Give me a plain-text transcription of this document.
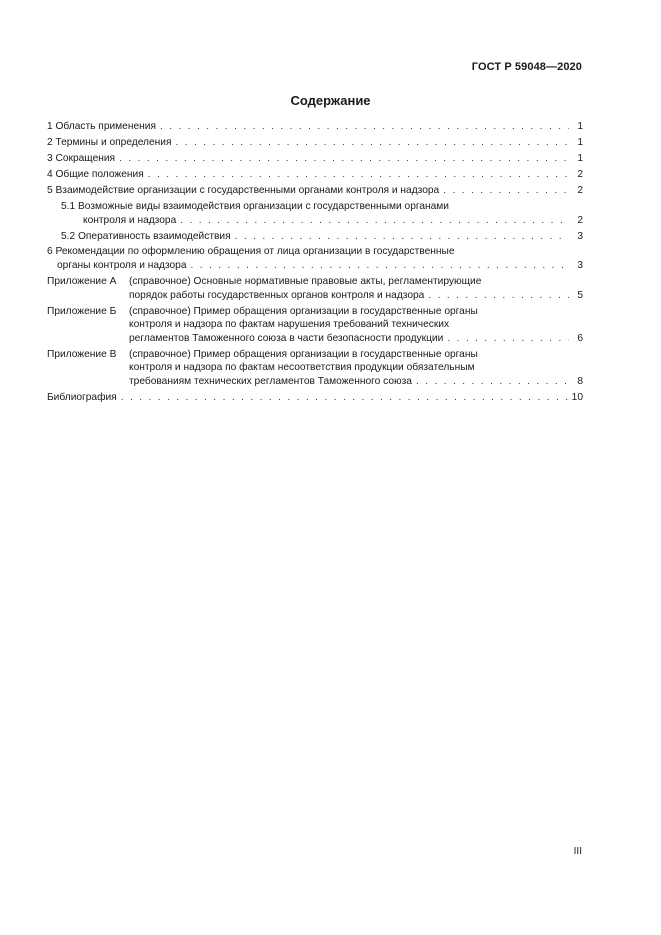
ГОСТ Р 59048—2020
Содержание
1 Область применения . . .	1
2 Термины и определения . . .	1
3 Сокращения . . .	1
4 Общие положения . . .	2
5 Взаимодействие организации с государственными органами контроля и надзора . . .	2
5.1 Возможные виды взаимодействия организации с государственными органами
контроля и надзора . . .	2
5.2 Оперативность взаимодействия . . .	3
6 Рекомендации по оформлению обращения от лица организации в государственные
органы контроля и надзора . . .	3
Приложение А	(справочное) Основные нормативные правовые акты, регламентирующие
порядок работы государственных органов контроля и надзора . . .	5
Приложение Б	(справочное) Пример обращения организации в государственные органы
контроля и надзора по фактам нарушения требований технических
регламентов Таможенного союза в части безопасности продукции . . .	6
Приложение В	(справочное) Пример обращения организации в государственные органы
контроля и надзора по фактам несоответствия продукции обязательным
требованиям технических регламентов Таможенного союза . . .	8
Библиография . . .	10
III
